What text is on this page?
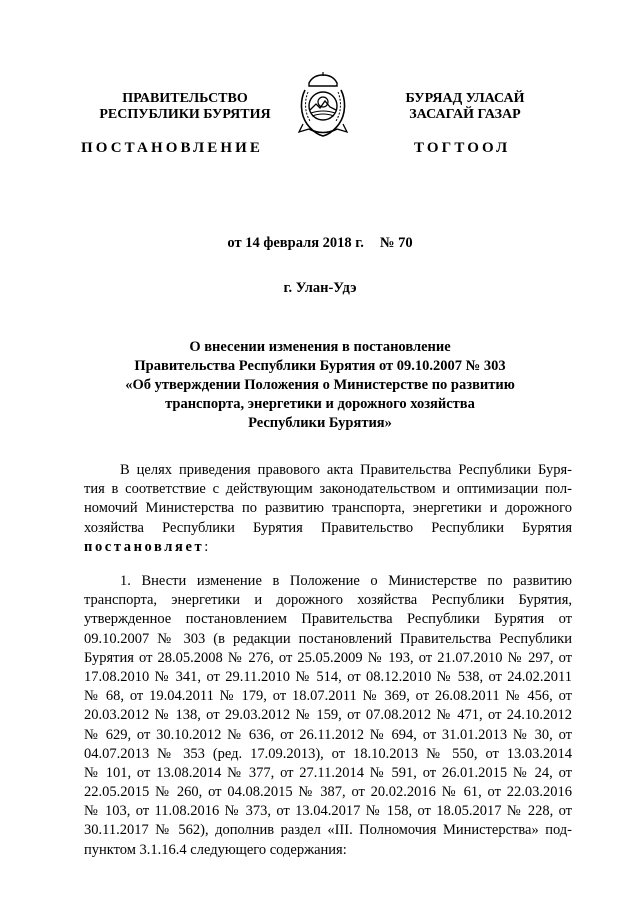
ПРАВИТЕЛЬСТВО
РЕСПУБЛИКИ БУРЯТИЯ
БУРЯАД УЛАСАЙ
ЗАСАГАЙ ГАЗАР
ПОСТАНОВЛЕНИЕ	ТОГТООЛ
от 14 февраля 2018 г. № 70
г. Улан-Удэ
О внесении изменения в постановление
Правительства Республики Бурятия от 09.10.2007 № 303
«Об утверждении Положения о Министерстве по развитию
транспорта, энергетики и дорожного хозяйства
Республики Бурятия»
В целях приведения правового акта Правительства Республики Буря-
тия в соответствие с действующим законодательством и оптимизации пол-
номочий Министерства по развитию транспорта, энергетики и дорожного
хозяйства Республики Бурятия Правительство Республики Бурятия
постановляет:
1. Внести изменение в Положение о Министерстве по развитию
транспорта, энергетики и дорожного хозяйства Республики Бурятия,
утвержденное постановлением Правительства Республики Бурятия от
09.10.2007 № 303 (в редакции постановлений Правительства Республики
Бурятия от 28.05.2008 № 276, от 25.05.2009 № 193, от 21.07.2010 № 297, от
17.08.2010 № 341, от 29.11.2010 № 514, от 08.12.2010 № 538, от 24.02.2011
№ 68, от 19.04.2011 № 179, от 18.07.2011 № 369, от 26.08.2011 № 456, от
20.03.2012 № 138, от 29.03.2012 № 159, от 07.08.2012 № 471, от 24.10.2012
№ 629, от 30.10.2012 № 636, от 26.11.2012 № 694, от 31.01.2013 № 30, от
04.07.2013 № 353 (ред. 17.09.2013), от 18.10.2013 № 550, от 13.03.2014
№ 101, от 13.08.2014 № 377, от 27.11.2014 № 591, от 26.01.2015 № 24, от
22.05.2015 № 260, от 04.08.2015 № 387, от 20.02.2016 № 61, от 22.03.2016
№ 103, от 11.08.2016 № 373, от 13.04.2017 № 158, от 18.05.2017 № 228, от
30.11.2017 № 562), дополнив раздел «III. Полномочия Министерства» под-
пунктом 3.1.16.4 следующего содержания:
